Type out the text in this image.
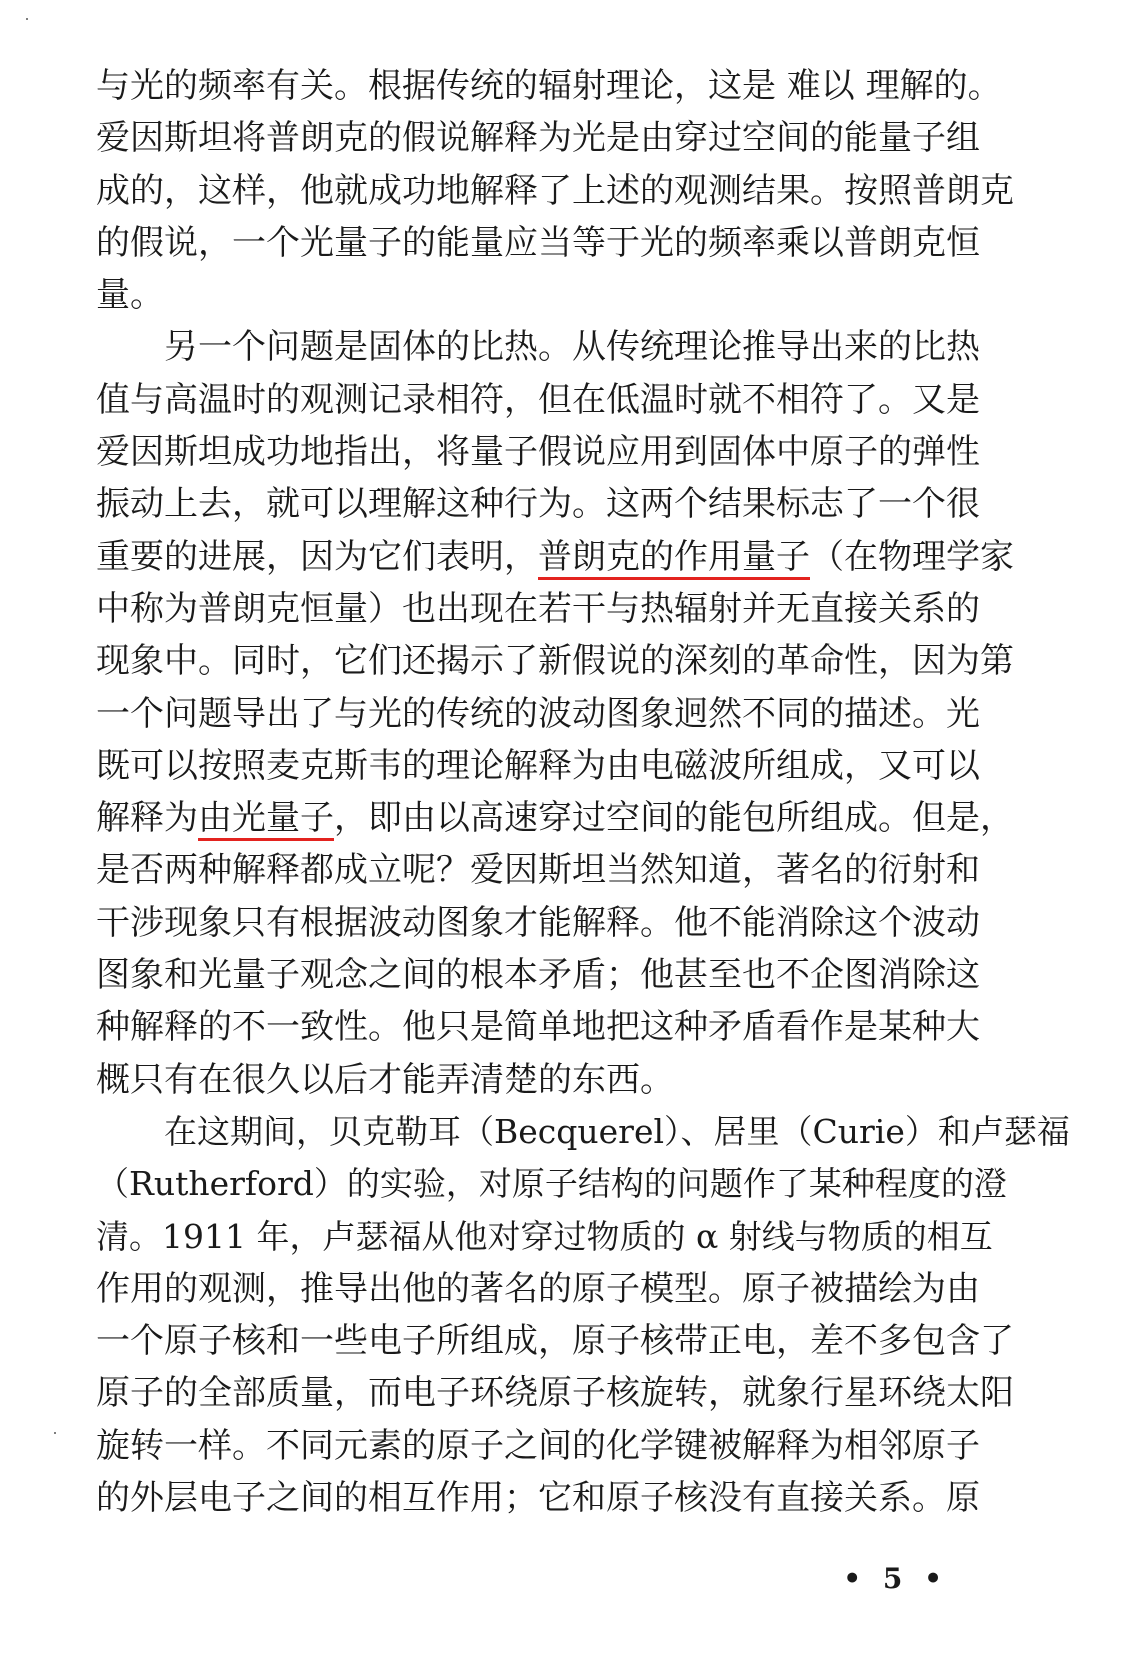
与光的频率有关。根据传统的辐射理论，这是 难以 理解的。
爱因斯坦将普朗克的假说解释为光是由穿过空间的能量子组
成的，这样，他就成功地解释了上述的观测结果。按照普朗克
的假说，一个光量子的能量应当等于光的频率乘以普朗克恒
量。
另一个问题是固体的比热。从传统理论推导出来的比热
值与高温时的观测记录相符，但在低温时就不相符了。又是
爱因斯坦成功地指出，将量子假说应用到固体中原子的弹性
振动上去，就可以理解这种行为。这两个结果标志了一个很
重要的进展，因为它们表明，普朗克的作用量子（在物理学家
中称为普朗克恒量）也出现在若干与热辐射并无直接关系的
现象中。同时，它们还揭示了新假说的深刻的革命性，因为第
一个问题导出了与光的传统的波动图象迥然不同的描述。光
既可以按照麦克斯韦的理论解释为由电磁波所组成，又可以
解释为由光量子，即由以高速穿过空间的能包所组成。但是，
是否两种解释都成立呢？爱因斯坦当然知道，著名的衍射和
干涉现象只有根据波动图象才能解释。他不能消除这个波动
图象和光量子观念之间的根本矛盾；他甚至也不企图消除这
种解释的不一致性。他只是简单地把这种矛盾看作是某种大
概只有在很久以后才能弄清楚的东西。
在这期间，贝克勒耳（Becquerel）、居里（Curie）和卢瑟福
（Rutherford）的实验，对原子结构的问题作了某种程度的澄
清。1911 年，卢瑟福从他对穿过物质的 α 射线与物质的相互
作用的观测，推导出他的著名的原子模型。原子被描绘为由
一个原子核和一些电子所组成，原子核带正电，差不多包含了
原子的全部质量，而电子环绕原子核旋转，就象行星环绕太阳
旋转一样。不同元素的原子之间的化学键被解释为相邻原子
的外层电子之间的相互作用；它和原子核没有直接关系。原
• 5 •
